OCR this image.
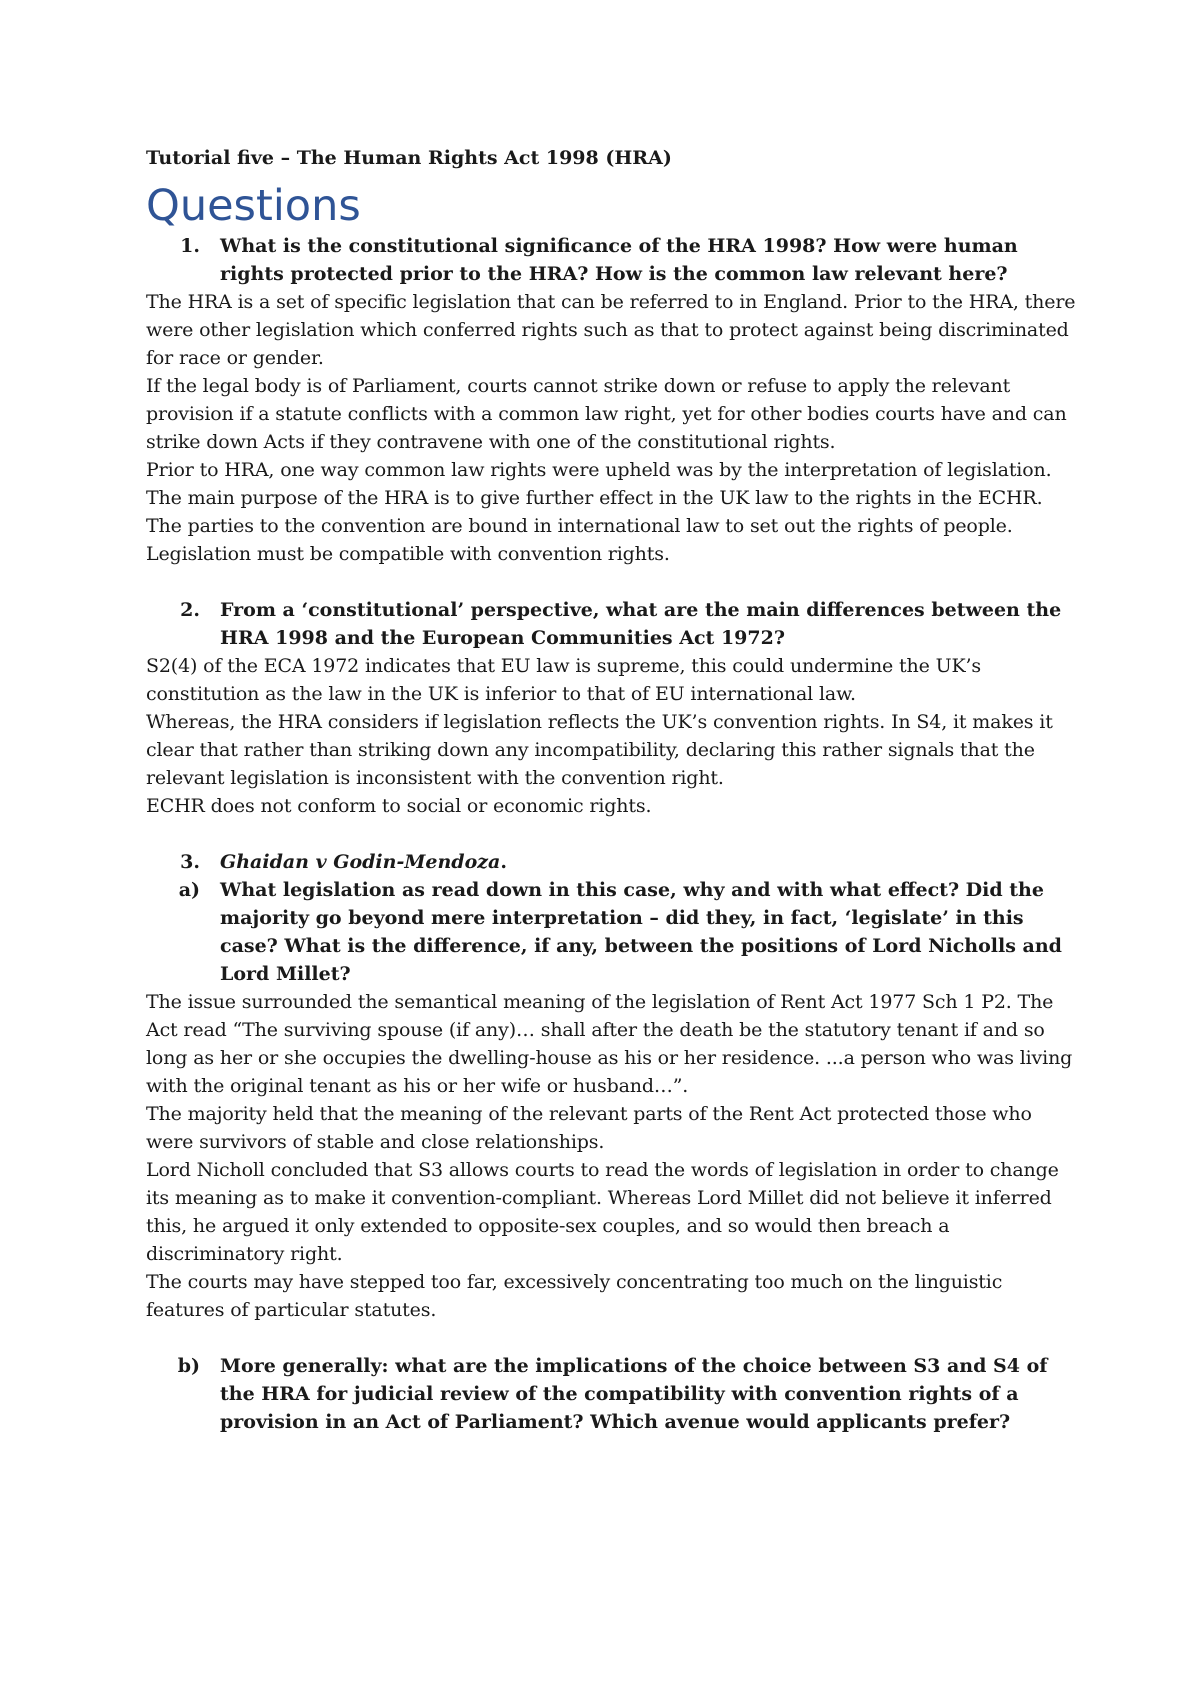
Tutorial five – The Human Rights Act 1998 (HRA)
Questions
1.	What is the constitutional significance of the HRA 1998? How were human rights protected prior to the HRA? How is the common law relevant here?

The HRA is a set of specific legislation that can be referred to in England. Prior to the HRA, there were other legislation which conferred rights such as that to protect against being discriminated for race or gender.

If the legal body is of Parliament, courts cannot strike down or refuse to apply the relevant provision if a statute conflicts with a common law right, yet for other bodies courts have and can strike down Acts if they contravene with one of the constitutional rights.

Prior to HRA, one way common law rights were upheld was by the interpretation of legislation.

The main purpose of the HRA is to give further effect in the UK law to the rights in the ECHR. The parties to the convention are bound in international law to set out the rights of people.

Legislation must be compatible with convention rights.

2.	From a ‘constitutional’ perspective, what are the main differences between the HRA 1998 and the European Communities Act 1972?

S2(4) of the ECA 1972 indicates that EU law is supreme, this could undermine the UK’s constitution as the law in the UK is inferior to that of EU international law.

Whereas, the HRA considers if legislation reflects the UK’s convention rights. In S4, it makes it clear that rather than striking down any incompatibility, declaring this rather signals that the relevant legislation is inconsistent with the convention right.

ECHR does not conform to social or economic rights.

3.	Ghaidan v Godin-Mendoza.
a)	What legislation as read down in this case, why and with what effect? Did the majority go beyond mere interpretation – did they, in fact, ‘legislate’ in this case? What is the difference, if any, between the positions of Lord Nicholls and Lord Millet?

The issue surrounded the semantical meaning of the legislation of Rent Act 1977 Sch 1 P2. The Act read “The surviving spouse (if any)… shall after the death be the statutory tenant if and so long as her or she occupies the dwelling-house as his or her residence. ...a person who was living with the original tenant as his or her wife or husband…”.

The majority held that the meaning of the relevant parts of the Rent Act protected those who were survivors of stable and close relationships.

Lord Nicholl concluded that S3 allows courts to read the words of legislation in order to change its meaning as to make it convention-compliant. Whereas Lord Millet did not believe it inferred this, he argued it only extended to opposite-sex couples, and so would then breach a discriminatory right.

The courts may have stepped too far, excessively concentrating too much on the linguistic features of particular statutes.

b)	More generally: what are the implications of the choice between S3 and S4 of the HRA for judicial review of the compatibility with convention rights of a provision in an Act of Parliament? Which avenue would applicants prefer?
